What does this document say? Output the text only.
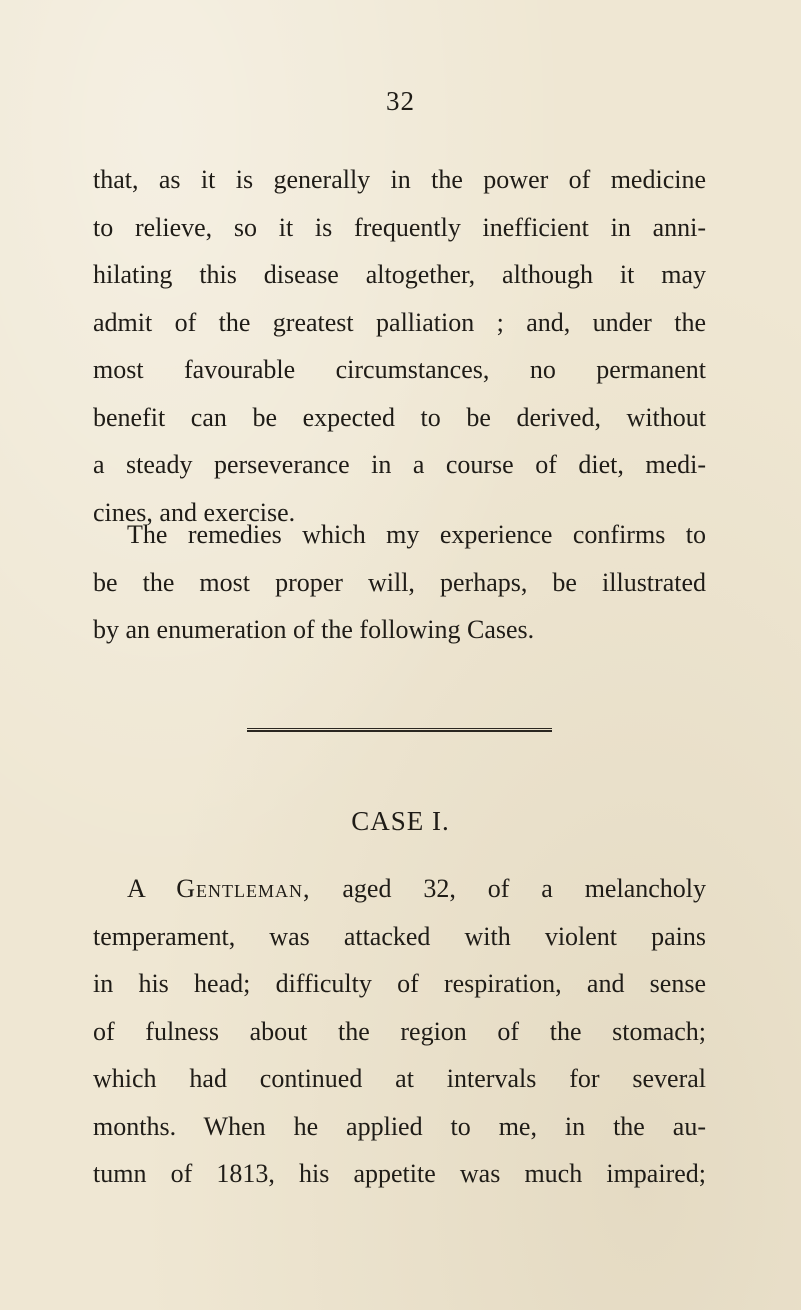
32
that, as it is generally in the power of medicine
to relieve, so it is frequently inefficient in anni-
hilating this disease altogether, although it may
admit of the greatest palliation ; and, under the
most favourable circumstances, no permanent
benefit can be expected to be derived, without
a steady perseverance in a course of diet, medi-
cines, and exercise.
The remedies which my experience confirms to
be the most proper will, perhaps, be illustrated
by an enumeration of the following Cases.
CASE I.
A Gentleman, aged 32, of a melancholy
temperament, was attacked with violent pains
in his head; difficulty of respiration, and sense
of fulness about the region of the stomach;
which had continued at intervals for several
months. When he applied to me, in the au-
tumn of 1813, his appetite was much impaired;
